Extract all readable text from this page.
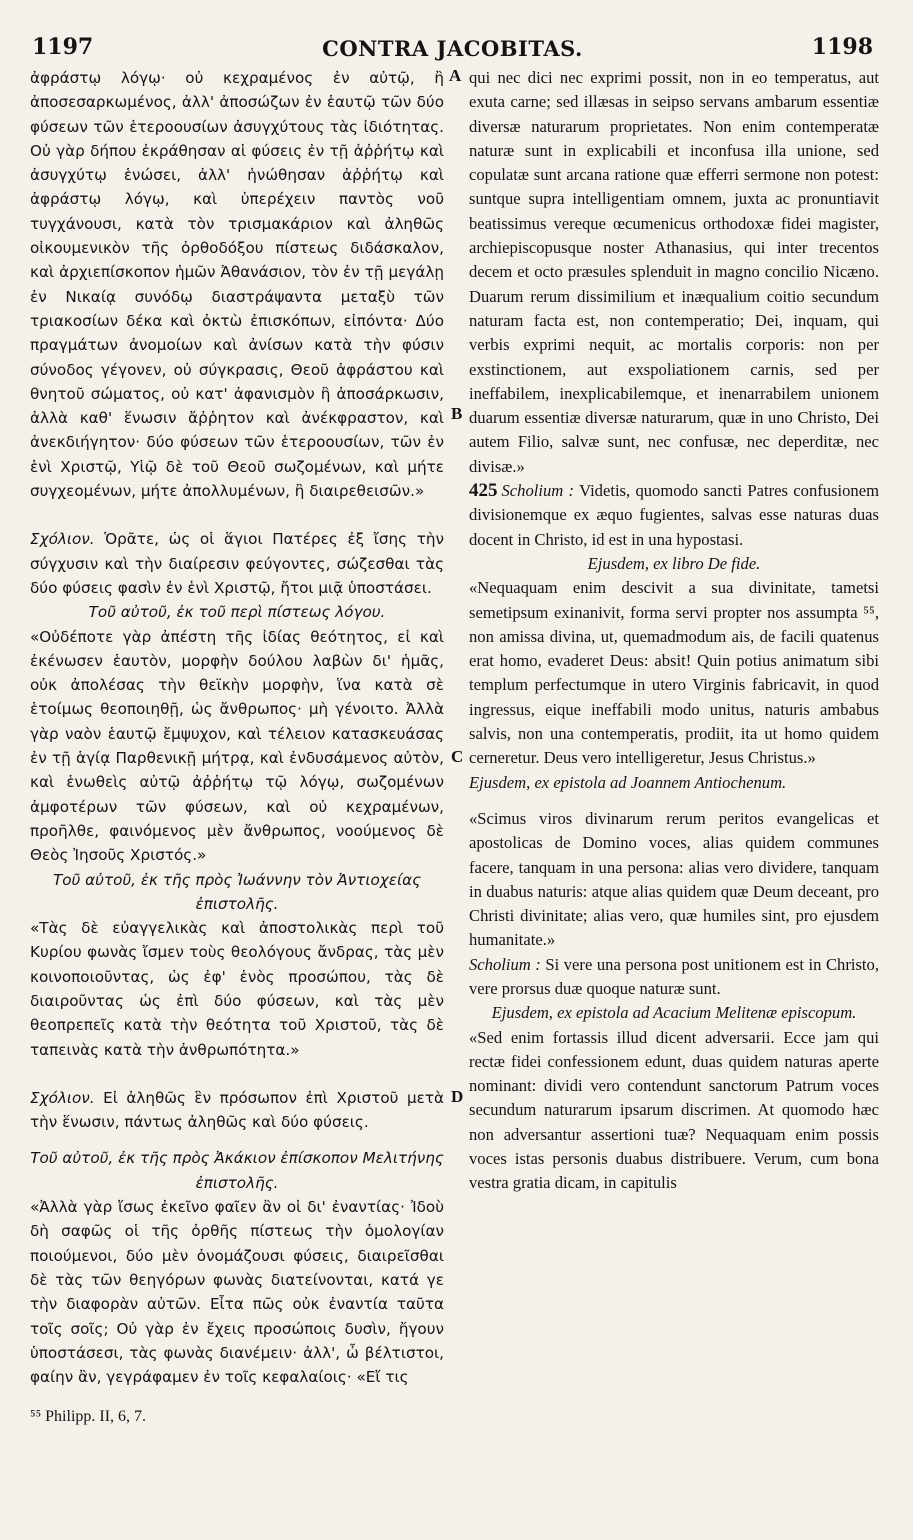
1197	CONTRA JACOBITAS.	1198
A
B
C
D

ἀφράστῳ λόγῳ· οὐ κεχραμένος ἐν αὐτῷ, ἢ ἀποσεσαρκωμένος, ἀλλ' ἀποσώζων ἐν ἑαυτῷ τῶν δύο φύσεων τῶν ἑτεροουσίων ἀσυγχύτους τὰς ἰδιότητας. Οὐ γὰρ δήπου ἐκράθησαν αἱ φύσεις ἐν τῇ ἀῤῥήτῳ καὶ ἀσυγχύτῳ ἑνώσει, ἀλλ' ἡνώθησαν ἀῤῥήτῳ καὶ ἀφράστῳ λόγῳ, καὶ ὑπερέχειν παντὸς νοῦ τυγχάνουσι, κατὰ τὸν τρισμακάριον καὶ ἀληθῶς οἰκουμενικὸν τῆς ὀρθοδόξου πίστεως διδάσκαλον, καὶ ἀρχιεπίσκοπον ἡμῶν Ἀθανάσιον, τὸν ἐν τῇ μεγάλῃ ἐν Νικαίᾳ συνόδῳ διαστράψαντα μεταξὺ τῶν τριακοσίων δέκα καὶ ὀκτὼ ἐπισκόπων, εἰπόντα· Δύο πραγμάτων ἀνομοίων καὶ ἀνίσων κατὰ τὴν φύσιν σύνοδος γέγονεν, οὐ σύγκρασις, Θεοῦ ἀφράστου καὶ θνητοῦ σώματος, οὐ κατ' ἀφανισμὸν ἢ ἀποσάρκωσιν, ἀλλὰ καθ' ἕνωσιν ἄῤῥητον καὶ ἀνέκφραστον, καὶ ἀνεκδιήγητον· δύο φύσεων τῶν ἑτεροουσίων, τῶν ἐν ἑνὶ Χριστῷ, Υἱῷ δὲ τοῦ Θεοῦ σωζομένων, καὶ μήτε συγχεομένων, μήτε ἀπολλυμένων, ἢ διαιρεθεισῶν.»

Σχόλιον. Ὁρᾶτε, ὡς οἱ ἅγιοι Πατέρες ἐξ ἴσης τὴν σύγχυσιν καὶ τὴν διαίρεσιν φεύγοντες, σώζεσθαι τὰς δύο φύσεις φασὶν ἐν ἑνὶ Χριστῷ, ἤτοι μιᾷ ὑποστάσει.

Τοῦ αὐτοῦ, ἐκ τοῦ περὶ πίστεως λόγου.

«Οὐδέποτε γὰρ ἀπέστη τῆς ἰδίας θεότητος, εἰ καὶ ἐκένωσεν ἑαυτὸν, μορφὴν δούλου λαβὼν δι' ἡμᾶς, οὐκ ἀπολέσας τὴν θεϊκὴν μορφὴν, ἵνα κατὰ σὲ ἑτοίμως θεοποιηθῇ, ὡς ἄνθρωπος· μὴ γένοιτο. Ἀλλὰ γὰρ ναὸν ἑαυτῷ ἔμψυχον, καὶ τέλειον κατασκευάσας ἐν τῇ ἁγίᾳ Παρθενικῇ μήτρᾳ, καὶ ἐνδυσάμενος αὐτὸν, καὶ ἑνωθεὶς αὐτῷ ἀῤῥήτῳ τῷ λόγῳ, σωζομένων ἀμφοτέρων τῶν φύσεων, καὶ οὐ κεχραμένων, προῆλθε, φαινόμενος μὲν ἄνθρωπος, νοούμενος δὲ Θεὸς Ἰησοῦς Χριστός.»

Τοῦ αὐτοῦ, ἐκ τῆς πρὸς Ἰωάννην τὸν Ἀντιοχείας ἐπιστολῆς.

«Τὰς δὲ εὐαγγελικὰς καὶ ἀποστολικὰς περὶ τοῦ Κυρίου φωνὰς ἴσμεν τοὺς θεολόγους ἄνδρας, τὰς μὲν κοινοποιοῦντας, ὡς ἐφ' ἑνὸς προσώπου, τὰς δὲ διαιροῦντας ὡς ἐπὶ δύο φύσεων, καὶ τὰς μὲν θεοπρεπεῖς κατὰ τὴν θεότητα τοῦ Χριστοῦ, τὰς δὲ ταπεινὰς κατὰ τὴν ἀνθρωπότητα.»

Σχόλιον. Εἰ ἀληθῶς ἓν πρόσωπον ἐπὶ Χριστοῦ μετὰ τὴν ἕνωσιν, πάντως ἀληθῶς καὶ δύο φύσεις.

Τοῦ αὐτοῦ, ἐκ τῆς πρὸς Ἀκάκιον ἐπίσκοπον Μελιτήνης ἐπιστολῆς.

«Ἀλλὰ γὰρ ἴσως ἐκεῖνο φαῖεν ἂν οἱ δι' ἐναντίας· Ἰδοὺ δὴ σαφῶς οἱ τῆς ὀρθῆς πίστεως τὴν ὁμολογίαν ποιούμενοι, δύο μὲν ὀνομάζουσι φύσεις, διαιρεῖσθαι δὲ τὰς τῶν θεηγόρων φωνὰς διατείνονται, κατά γε τὴν διαφορὰν αὐτῶν. Εἶτα πῶς οὐκ ἐναντία ταῦτα τοῖς σοῖς; Οὐ γὰρ ἐν ἔχεις προσώποις δυσὶν, ἤγουν ὑποστάσεσι, τὰς φωνὰς διανέμειν· ἀλλ', ὦ βέλτιστοι, φαίην ἂν, γεγράφαμεν ἐν τοῖς κεφαλαίοις· «Εἴ τις

qui nec dici nec exprimi possit, non in eo temperatus, aut exuta carne; sed illæsas in seipso servans ambarum essentiæ diversæ naturarum proprietates. Non enim contemperatæ naturæ sunt in explicabili et inconfusa illa unione, sed copulatæ sunt arcana ratione quæ efferri sermone non potest: suntque supra intelligentiam omnem, juxta ac pronuntiavit beatissimus vereque œcumenicus orthodoxæ fidei magister, archiepiscopusque noster Athanasius, qui inter trecentos decem et octo præsules splenduit in magno concilio Nicæno. Duarum rerum dissimilium et inæqualium coitio secundum naturam facta est, non contemperatio; Dei, inquam, qui verbis exprimi nequit, ac mortalis corporis: non per exstinctionem, aut exspoliationem carnis, sed per ineffabilem, inexplicabilemque, et inenarrabilem unionem duarum essentiæ diversæ naturarum, quæ in uno Christo, Dei autem Filio, salvæ sunt, nec confusæ, nec deperditæ, nec divisæ.»

425 Scholium : Videtis, quomodo sancti Patres confusionem divisionemque ex æquo fugientes, salvas esse naturas duas docent in Christo, id est in una hypostasi.

Ejusdem, ex libro De fide.

«Nequaquam enim descivit a sua divinitate, tametsi semetipsum exinanivit, forma servi propter nos assumpta ⁵⁵, non amissa divina, ut, quemadmodum ais, de facili quatenus erat homo, evaderet Deus: absit! Quin potius animatum sibi templum perfectumque in utero Virginis fabricavit, in quod ingressus, eique ineffabili modo unitus, naturis ambabus salvis, non una contemperatis, prodiit, ita ut homo quidem cerneretur. Deus vero intelligeretur, Jesus Christus.»

Ejusdem, ex epistola ad Joannem Antiochenum.

«Scimus viros divinarum rerum peritos evangelicas et apostolicas de Domino voces, alias quidem communes facere, tanquam in una persona: alias vero dividere, tanquam in duabus naturis: atque alias quidem quæ Deum deceant, pro Christi divinitate; alias vero, quæ humiles sint, pro ejusdem humanitate.»

Scholium : Si vere una persona post unitionem est in Christo, vere prorsus duæ quoque naturæ sunt.

Ejusdem, ex epistola ad Acacium Melitenæ episcopum.

«Sed enim fortassis illud dicent adversarii. Ecce jam qui rectæ fidei confessionem edunt, duas quidem naturas aperte nominant: dividi vero contendunt sanctorum Patrum voces secundum naturarum ipsarum discrimen. At quomodo hæc non adversantur assertioni tuæ? Nequaquam enim possis voces istas personis duabus distribuere. Verum, cum bona vestra gratia dicam, in capitulis

⁵⁵ Philipp. II, 6, 7.
